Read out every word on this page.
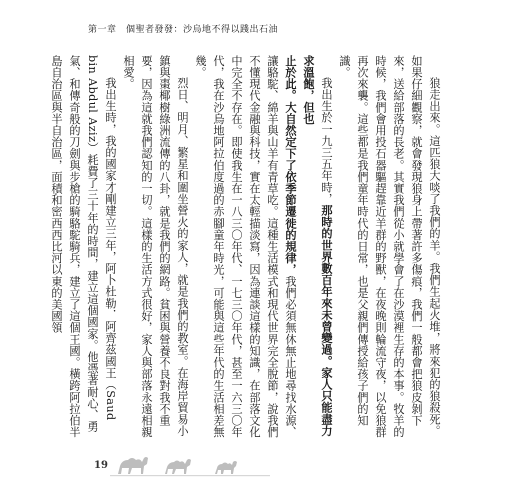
第一章　個聖者發發：沙烏地不得以踐出石油

狼走出來。這匹狼大啖了我們的羊。我們生起火堆，將來犯的狼殺死。如果仔細觀察，就會發現狼身上帶著許多傷痕，我們一般都會把狼皮剝下來，送給部落的長老。其實我們從小就學會了在沙漠裡生存的本事。牧羊的時候，我們會用投石器驅趕靠近羊群的野獸，在夜晚則輪流守夜，以免狼群再次來襲。這些都是我們童年時代的日常，也是父親們傳授給孩子們的知識。

我出生於一九三五年時，那時的世界數百年來未曾變過。家人只能盡力求溫飽，但也

止於此。大自然定下了依季節遷徙的規律，我們必須無休無止地尋找水源、讓駱駝、綿羊與山羊有青草吃。這種生活模式和現代世界完全脫節，說我們不懂現代金融與科技，實在太輕描淡寫，因為連談這樣的知識，在部落文化中完全不存在。即使我生在一八三〇年代、一七三〇年代，甚至一六三〇年代，我在沙烏地阿拉伯度過的赤腳童年時光，可能與這些年代的生活相差無幾。

烈日、明月、繁星和圍坐營火的家人，就是我們的教室。在海岸貿易小鎮與棗椰樹綠洲流傳的八卦，就是我們的網路。貧困與營養不良對我不重要，因為這就我們認知的一切。這樣的生活方式很好，家人與部落永遠相親相愛。

我出生時，我的國家才剛建立三年，阿卜杜勒．阿齊茲國王（Saud bin Abdul Aziz）耗費了三十年的時間，建立這個國家。他憑著耐心、勇氣、和傳奇般的刀劍與步槍的騎駱駝騎兵，建立了這個王國。橫跨阿拉伯半島自治區與半自治區，面積和密西西比河以東的美國領

19
